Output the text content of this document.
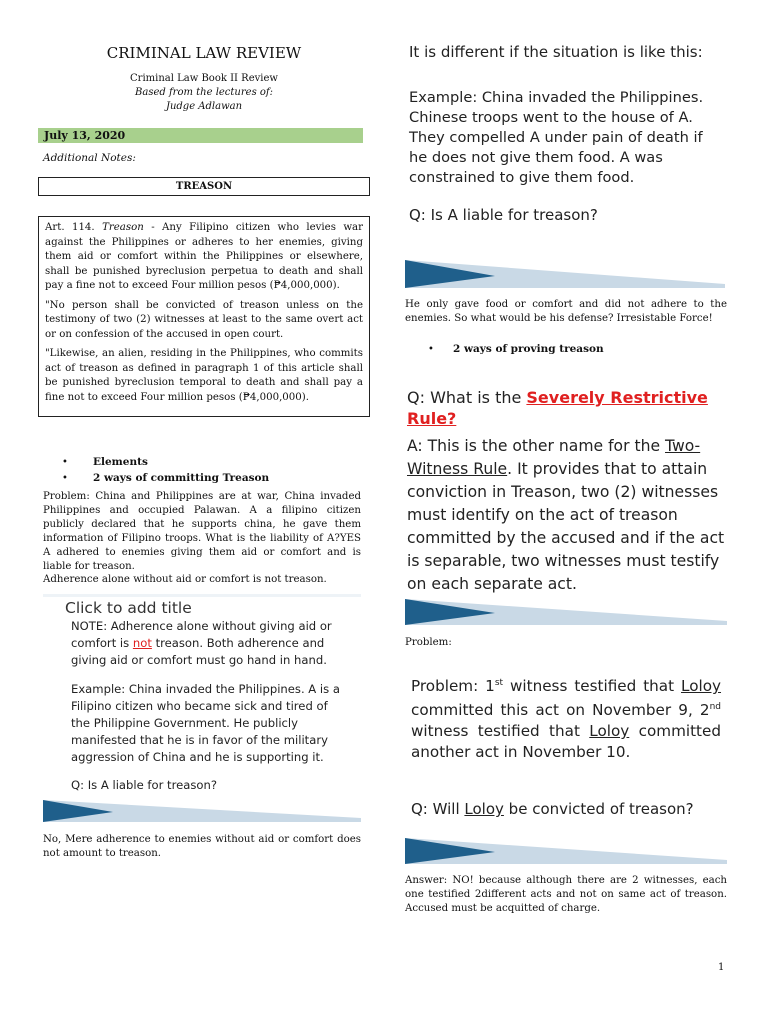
CRIMINAL LAW REVIEW
Criminal Law Book II Review
Based from the lectures of:
Judge Adlawan
July 13, 2020
Additional Notes:
TREASON

Art. 114. Treason - Any Filipino citizen who levies war against the Philippines or adheres to her enemies, giving them aid or comfort within the Philippines or elsewhere, shall be punished byreclusion perpetua to death and shall pay a fine not to exceed Four million pesos (₱4,000,000).

"No person shall be convicted of treason unless on the testimony of two (2) witnesses at least to the same overt act or on confession of the accused in open court.

"Likewise, an alien, residing in the Philippines, who commits act of treason as defined in paragraph 1 of this article shall be punished byreclusion temporal to death and shall pay a fine not to exceed Four million pesos (₱4,000,000).

• Elements
• 2 ways of committing Treason
Problem: China and Philippines are at war, China invaded Philippines and occupied Palawan. A a filipino citizen publicly declared that he supports china, he gave them information of Filipino troops. What is the liability of A?YES A adhered to enemies giving them aid or comfort and is liable for treason.
Adherence alone without aid or comfort is not treason.
Click to add title
NOTE: Adherence alone without giving aid or comfort is not treason. Both adherence and giving aid or comfort must go hand in hand.
Example: China invaded the Philippines. A is a Filipino citizen who became sick and tired of the Philippine Government. He publicly manifested that he is in favor of the military aggression of China and he is supporting it.
Q: Is A liable for treason?
No, Mere adherence to enemies without aid or comfort does not amount to treason.
It is different if the situation is like this:
Example: China invaded the Philippines. Chinese troops went to the house of A. They compelled A under pain of death if he does not give them food. A was constrained to give them food.
Q: Is A liable for treason?
He only gave food or comfort and did not adhere to the enemies. So what would be his defense? Irresistable Force!
• 2 ways of proving treason
Q: What is the Severely Restrictive Rule?
A: This is the other name for the Two-Witness Rule. It provides that to attain conviction in Treason, two (2) witnesses must identify on the act of treason committed by the accused and if the act is separable, two witnesses must testify on each separate act.
Problem:
Problem: 1st witness testified that Loloy committed this act on November 9, 2nd witness testified that Loloy committed another act in November 10.
Q: Will Loloy be convicted of treason?
Answer: NO! because although there are 2 witnesses, each one testified 2different acts and not on same act of treason. Accused must be acquitted of charge.
1
